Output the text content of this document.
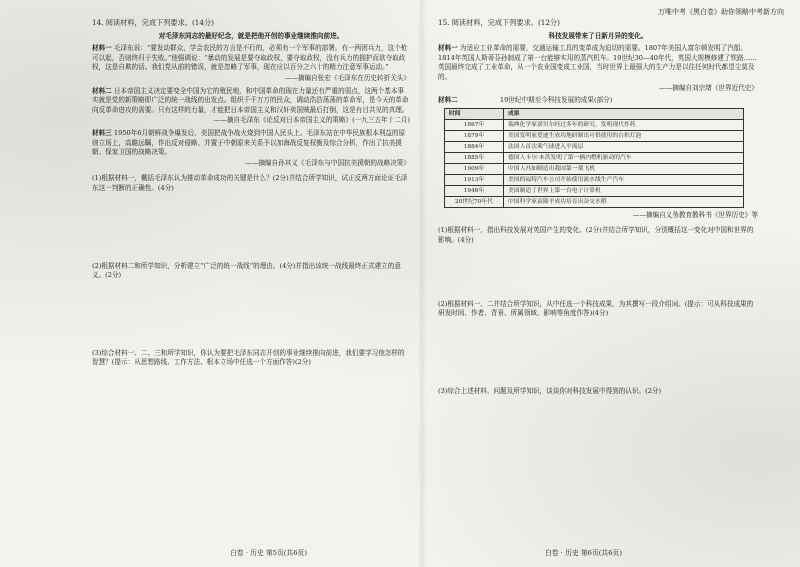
万唯中考《黑白卷》助你领略中考新方向
14. 阅读材料，完成下列要求。(14分)
对毛泽东同志的最好纪念，就是把他开创的事业继续推向前进。
材料一 毛泽东说：“要发动群众，学会农民的方言是不行的，必须有一个军事的部署。有一两团兵力，这个枪可以起，否则终归于失败。”他强调说：“暴动的发展是要夺取政权，要夺取政权，没有兵力的拥护而欲夺取政权，这是自欺的话。我们党从前的错误，就是忽略了军事，现在应以百分之六十的精力注意军事运动。”
——摘编自张宏《毛泽东在历史转折关头》
材料二 日本帝国主义决定要变全中国为它的殖民地，和中国革命的现在力量还有严重的弱点，这两个基本事实就是党的新策略即广泛的统一战线的出发点。组织千千万万的民众，调动浩浩荡荡的革命军，是今天的革命向反革命进攻的需要。只有这样的力量，才能把日本帝国主义和汉奸卖国贼最后打倒，这是有目共见的真理。
——摘自毛泽东《论反对日本帝国主义的策略》(一九三五年十二月)
材料三 1950年6月朝鲜战争爆发后，美国把战争战火烧到中国人民头上。毛泽东站在中华民族根本利益的原则立场上，高瞻远瞩，作出反对侵略、并置于中朝原来关系予以加海战反复权衡及综合分析，作出了抗美援朝、保家卫国的战略决策。
——摘编自孙其义《毛泽东与中国抗美援朝的战略决策》
(1)根据材料一，概括毛泽东认为推动革命成功的关键是什么？(2分)并结合所学知识，试正反两方面论证毛泽东这一判断的正确性。(4分)
(2)根据材料二和所学知识，分析建立“广泛的统一战线”的理由。(4分)并指出该统一战线最终正式建立的意义。(2分)
(3)综合材料一、二、三和所学知识，你认为要把毛泽东同志开创的事业继续推向前进，我们要学习他怎样的智慧？(提示：从思想路线、工作方法、根本立场中任选一个方面作答)(2分)
白卷 · 历史 第5页(共6页)
15. 阅读材料，完成下列要求。(12分)
科技发展带来了日新月异的变化。
材料一 为适应工业革命的需要，交通运输工具的变革成为迫切的需要。1807年美国人富尔顿发明了汽船。1814年英国人斯蒂芬孙制成了第一台能够实用的蒸汽机车。19世纪30—40年代，英国大规模修建了铁路……英国最终完成了工业革命，从一个农业国变成工业国，当时世界上最强大的生产力是以往任何时代都望尘莫及的。
——摘编自刘宗绪《世界近代史》
材料二	19世纪中期至今科技发展的成果(部分)
时间	成果
1867年	瑞典化学家诺贝尔经过多年的研究，发明现代炸药
1879年	美国发明家爱迪生成功地研制出可供使用的白炽灯泡
1884年	法国人首次乘气球进入平流层
1885年	德国人卡尔·本茨发明了第一辆内燃机驱动的汽车
1909年	中国人冯如制造出我国第一架飞机
1913年	美国的福特汽车公司开始使用流水线生产汽车
1946年	美国制造了世界上第一台电子计算机
20世纪70年代	中国科学家袁隆平成功培育出杂交水稻
——摘编自义务教育教科书《世界历史》等
(1)根据材料一，指出科技发展对英国产生的变化。(2分)并结合所学知识，分别概括这一变化对中国和世界的影响。(4分)
(2)根据材料一、二并结合所学知识，从中任选一个科技成果，为其撰写一段介绍词。(提示：可从科技成果的研发时间、作者、背景、所属领域、影响等角度作答)(4分)
(3)综合上述材料、问题及所学知识，谈谈你对科技发展中得到的认识。(2分)
白卷 · 历史 第6页(共6页)
